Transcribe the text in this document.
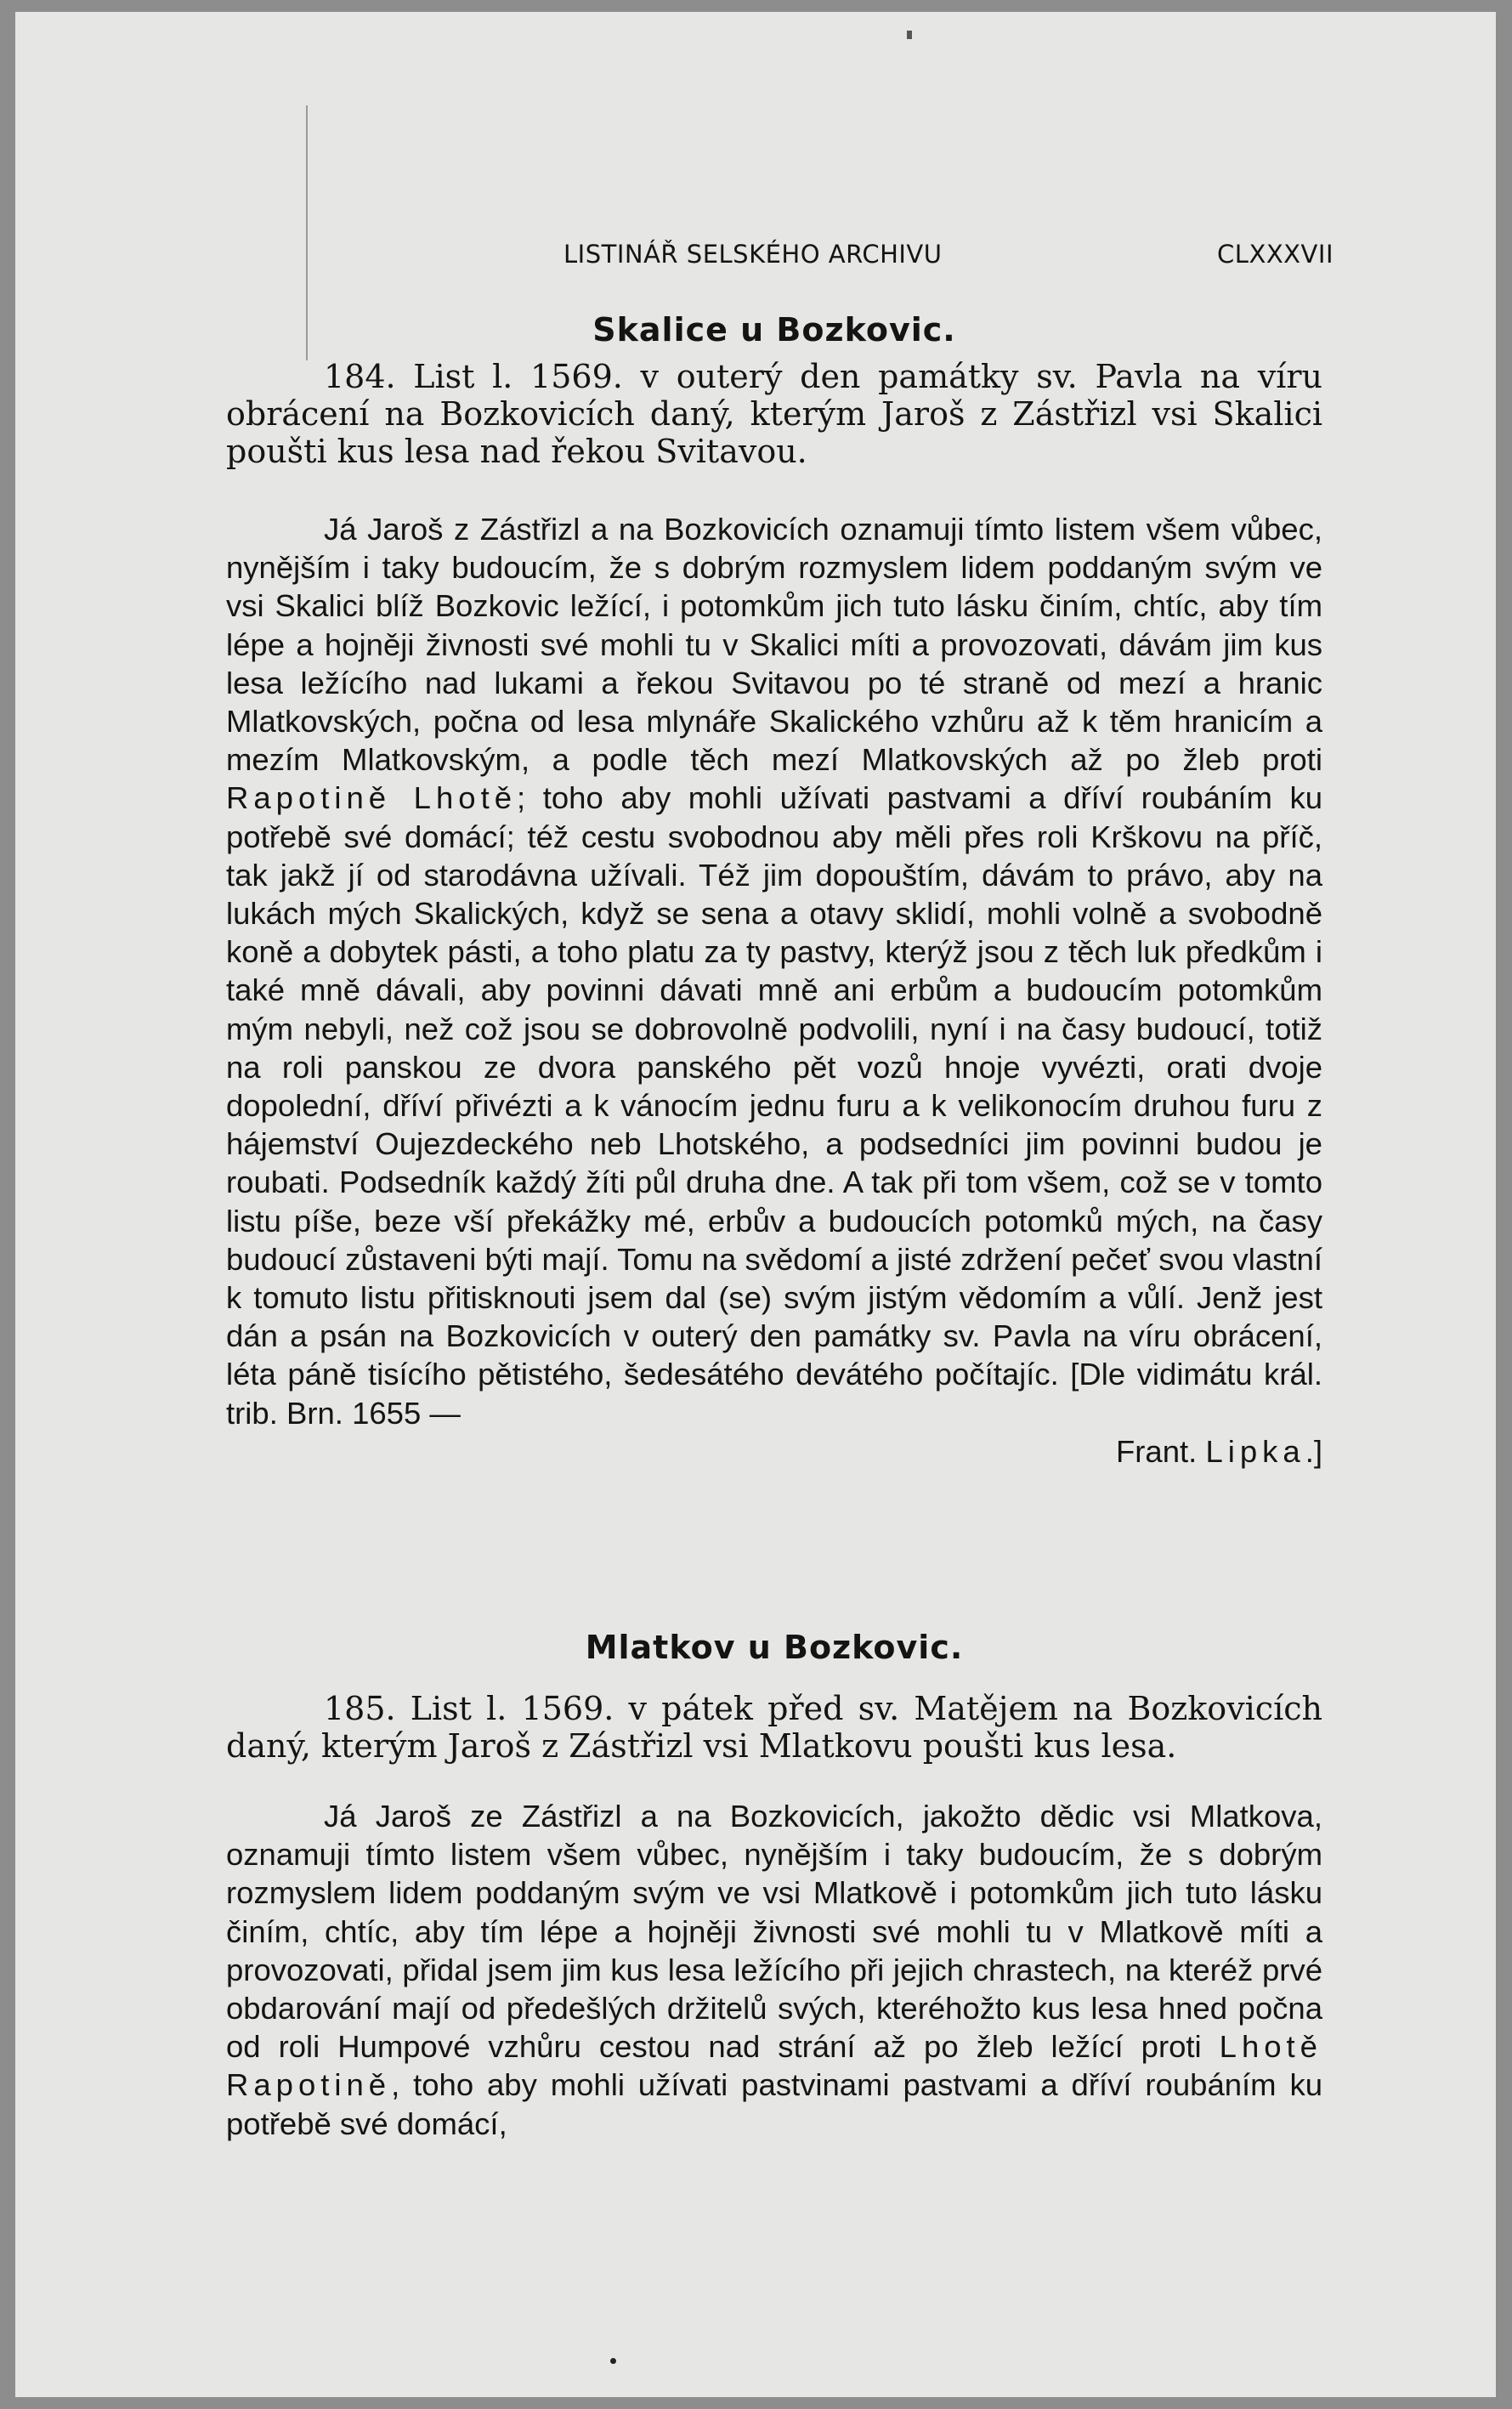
LISTINÁŘ SELSKÉHO ARCHIVU	CLXXXVII
Skalice u Bozkovic.
184. List l. 1569. v outerý den památky sv. Pavla na víru obrácení na Bozkovicích daný, kterým Jaroš z Zástřizl vsi Skalici poušti kus lesa nad řekou Svitavou.
Já Jaroš z Zástřizl a na Bozkovicích oznamuji tímto listem všem vůbec, nynějším i taky budoucím, že s dobrým rozmyslem lidem poddaným svým ve vsi Skalici blíž Bozkovic ležící, i potomkům jich tuto lásku činím, chtíc, aby tím lépe a hojněji živnosti své mohli tu v Skalici míti a provozovati, dávám jim kus lesa ležícího nad lukami a řekou Svitavou po té straně od mezí a hranic Mlatkovských, počna od lesa mlynáře Skalického vzhůru až k těm hranicím a mezím Mlatkovským, a podle těch mezí Mlatkovských až po žleb proti Rapotině Lhotě; toho aby mohli užívati pastvami a dříví roubáním ku potřebě své domácí; též cestu svobodnou aby měli přes roli Krškovu na příč, tak jakž jí od starodávna užívali. Též jim dopouštím, dávám to právo, aby na lukách mých Skalických, když se sena a otavy sklidí, mohli volně a svobodně koně a dobytek pásti, a toho platu za ty pastvy, kterýž jsou z těch luk předkům i také mně dávali, aby povinni dávati mně ani erbům a budoucím potomkům mým nebyli, než což jsou se dobrovolně podvolili, nyní i na časy budoucí, totiž na roli panskou ze dvora panského pět vozů hnoje vyvézti, orati dvoje dopolední, dříví přivézti a k vánocím jednu furu a k velikonocím druhou furu z hájemství Oujezdeckého neb Lhotského, a podsedníci jim povinni budou je roubati. Podsedník každý žíti půl druha dne. A tak při tom všem, což se v tomto listu píše, beze vší překážky mé, erbův a budoucích potomků mých, na časy budoucí zůstaveni býti mají. Tomu na svědomí a jisté zdržení pečeť svou vlastní k tomuto listu přitisknouti jsem dal (se) svým jistým vědomím a vůlí. Jenž jest dán a psán na Bozkovicích v outerý den památky sv. Pavla na víru obrácení, léta páně tisícího pětistého, šedesátého devátého počítajíc. [Dle vidimátu král. trib. Brn. 1655 —
Frant. Lipka.]
Mlatkov u Bozkovic.
185. List l. 1569. v pátek před sv. Matějem na Bozkovicích daný, kterým Jaroš z Zástřizl vsi Mlatkovu poušti kus lesa.
Já Jaroš ze Zástřizl a na Bozkovicích, jakožto dědic vsi Mlatkova, oznamuji tímto listem všem vůbec, nynějším i taky budoucím, že s dobrým rozmyslem lidem poddaným svým ve vsi Mlatkově i potomkům jich tuto lásku činím, chtíc, aby tím lépe a hojněji živnosti své mohli tu v Mlatkově míti a provozovati, přidal jsem jim kus lesa ležícího při jejich chrastech, na kteréž prvé obdarování mají od předešlých držitelů svých, kteréhožto kus lesa hned počna od roli Humpové vzhůru cestou nad strání až po žleb ležící proti Lhotě Rapotině, toho aby mohli užívati pastvinami pastvami a dříví roubáním ku potřebě své domácí,
